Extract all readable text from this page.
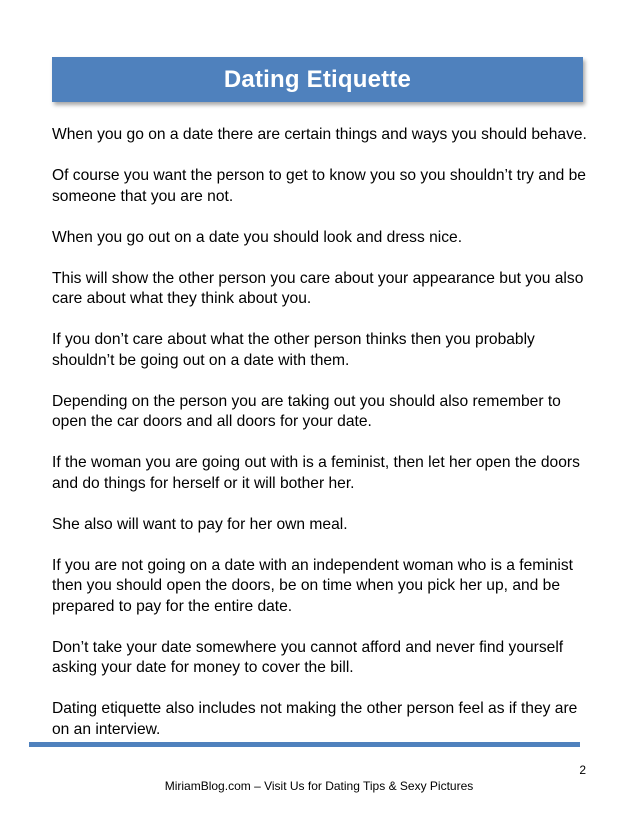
Dating Etiquette

When you go on a date there are certain things and ways you should behave.

Of course you want the person to get to know you so you shouldn’t try and be someone that you are not.

When you go out on a date you should look and dress nice.

This will show the other person you care about your appearance but you also care about what they think about you.

If you don’t care about what the other person thinks then you probably shouldn’t be going out on a date with them.

Depending on the person you are taking out you should also remember to open the car doors and all doors for your date.

If the woman you are going out with is a feminist, then let her open the doors and do things for herself or it will bother her.

She also will want to pay for her own meal.

If you are not going on a date with an independent woman who is a feminist then you should open the doors, be on time when you pick her up, and be prepared to pay for the entire date.

Don’t take your date somewhere you cannot afford and never find yourself asking your date for money to cover the bill.

Dating etiquette also includes not making the other person feel as if they are on an interview.

2
MiriamBlog.com – Visit Us for Dating Tips & Sexy Pictures
